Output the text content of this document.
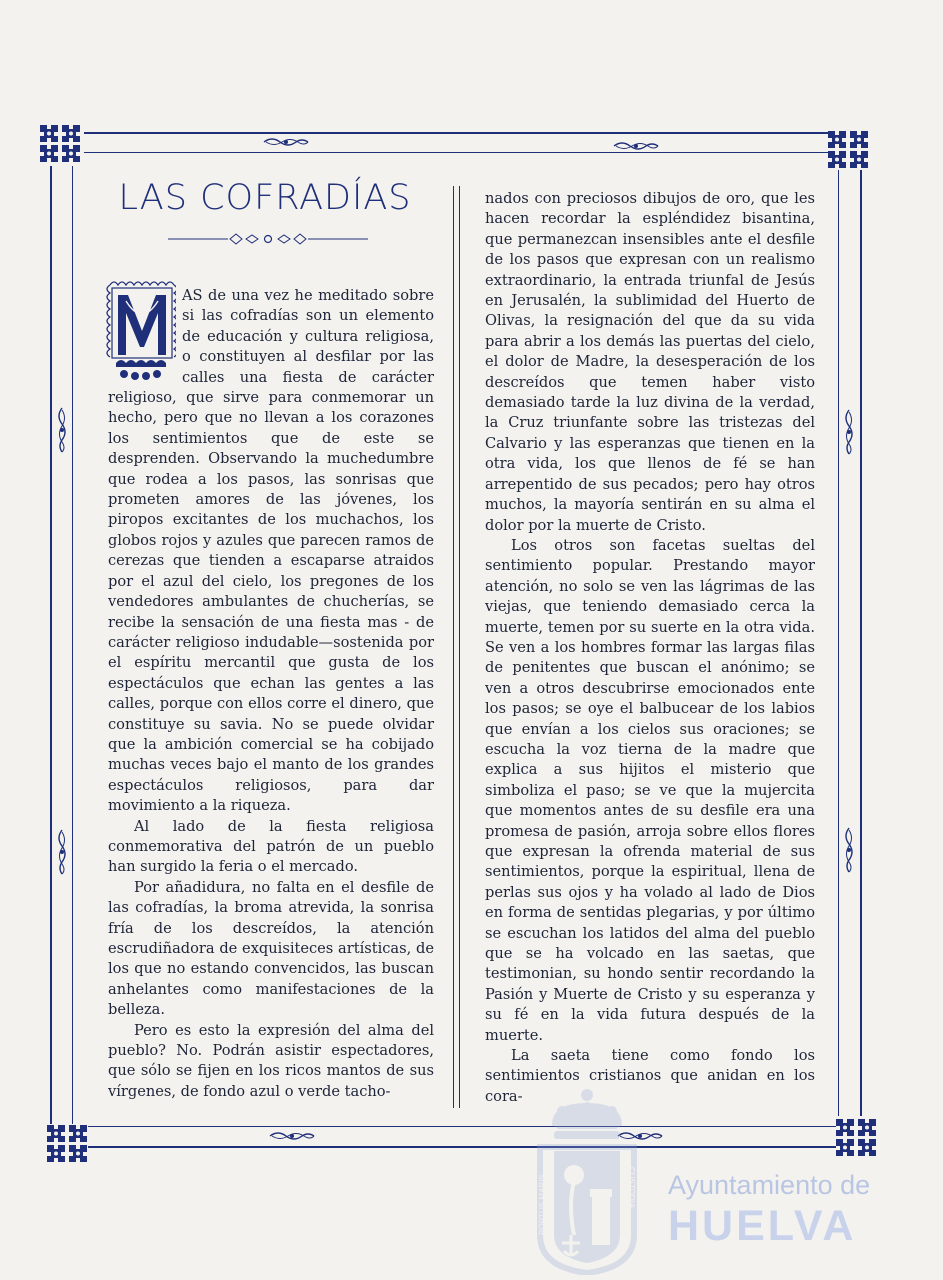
LAS COFRADÍAS

AS de una vez he meditado sobre si las cofradías son un elemento de educación y cultura religiosa, o constituyen al desfilar por las calles una fiesta de carácter religioso, que sirve para conmemorar un hecho, pero que no llevan a los corazones los sentimientos que de este se desprenden. Observando la muchedumbre que rodea a los pasos, las sonrisas que prometen amores de las jóvenes, los piropos excitantes de los muchachos, los globos rojos y azules que parecen ramos de cerezas que tienden a escaparse atraidos por el azul del cielo, los pregones de los vendedores ambulantes de chucherías, se recibe la sensación de una fiesta mas - de carácter religioso indudable—sostenida por el espíritu mercantil que gusta de los espectáculos que echan las gentes a las calles, porque con ellos corre el dinero, que constituye su savia. No se puede olvidar que la ambición comercial se ha cobijado muchas veces bajo el manto de los grandes espectáculos religiosos, para dar movimiento a la riqueza.

Al lado de la fiesta religiosa conmemorativa del patrón de un pueblo han surgido la feria o el mercado.

Por añadidura, no falta en el desfile de las cofradías, la broma atrevida, la sonrisa fría de los descreídos, la atención escrudiñadora de exquisiteces artísticas, de los que no estando convencidos, las buscan anhelantes como manifestaciones de la belleza.

Pero es esto la expresión del alma del pueblo? No. Podrán asistir espectadores, que sólo se fijen en los ricos mantos de sus vírgenes, de fondo azul o verde tacho-

nados con preciosos dibujos de oro, que les hacen recordar la espléndidez bisantina, que permanezcan insensibles ante el desfile de los pasos que expresan con un realismo extraordinario, la entrada triunfal de Jesús en Jerusalén, la sublimidad del Huerto de Olivas, la resignación del que da su vida para abrir a los demás las puertas del cielo, el dolor de Madre, la desesperación de los descreídos que temen haber visto demasiado tarde la luz divina de la verdad, la Cruz triunfante sobre las tristezas del Calvario y las esperanzas que tienen en la otra vida, los que llenos de fé se han arrepentido de sus pecados; pero hay otros muchos, la mayoría sentirán en su alma el dolor por la muerte de Cristo.

Los otros son facetas sueltas del sentimiento popular. Prestando mayor atención, no solo se ven las lágrimas de las viejas, que teniendo demasiado cerca la muerte, temen por su suerte en la otra vida. Se ven a los hombres formar las largas filas de penitentes que buscan el anónimo; se ven a otros descubrirse emocionados ente los pasos; se oye el balbucear de los labios que envían a los cielos sus oraciones; se escucha la voz tierna de la madre que explica a sus hijitos el misterio que simboliza el paso; se ve que la mujercita que momentos antes de su desfile era una promesa de pasión, arroja sobre ellos flores que expresan la ofrenda material de sus sentimientos, porque la espiritual, llena de perlas sus ojos y ha volado al lado de Dios en forma de sentidas plegarias, y por último se escuchan los latidos del alma del pueblo que se ha volcado en las saetas, que testimonian, su hondo sentir recordando la Pasión y Muerte de Cristo y su esperanza y su fé en la vida futura después de la muerte.

La saeta tiene como fondo los sentimientos cristianos que anidan en los cora-

PORTUS MARIS	CUSTODIA Ayuntamiento de
HUELVA
